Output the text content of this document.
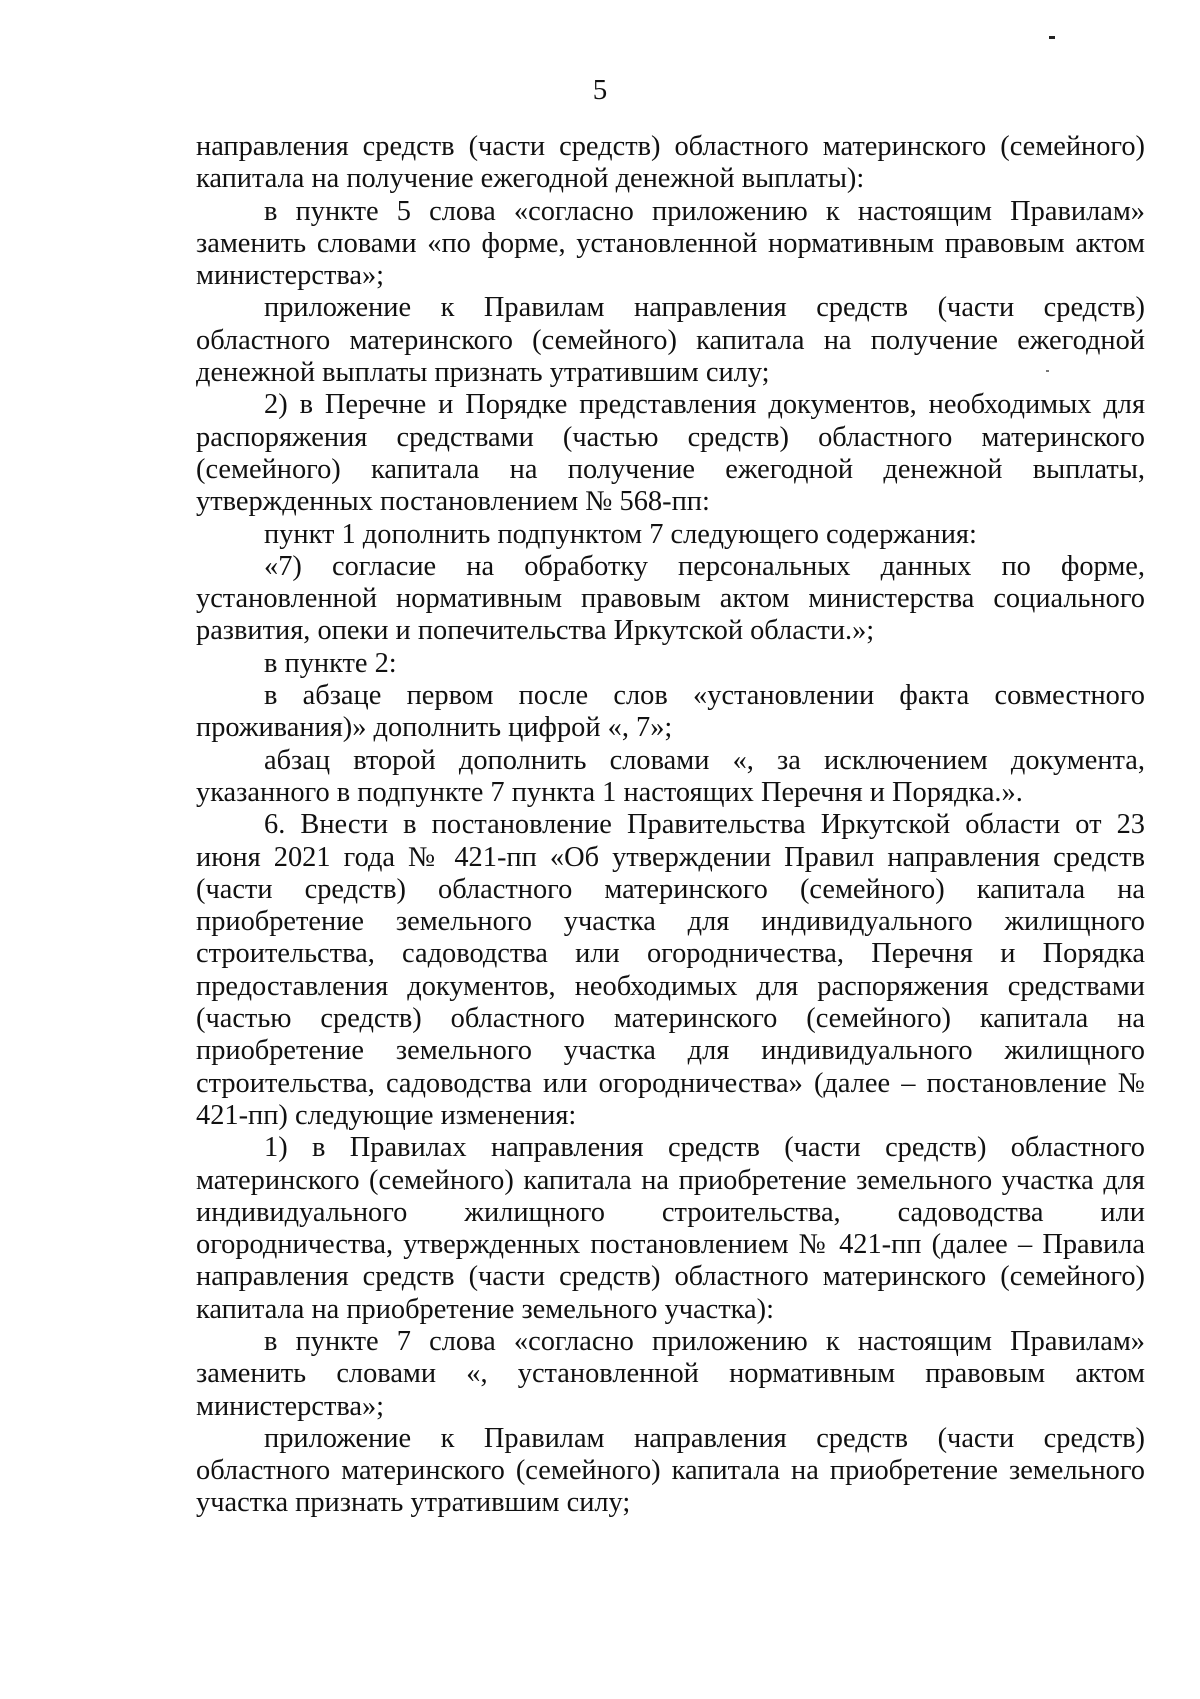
5

направления средств (части средств) областного материнского (семейного) капитала на получение ежегодной денежной выплаты):

в пункте 5 слова «согласно приложению к настоящим Правилам» заменить словами «по форме, установленной нормативным правовым актом министерства»;

приложение к Правилам направления средств (части средств) областного материнского (семейного) капитала на получение ежегодной денежной выплаты признать утратившим силу;

2) в Перечне и Порядке представления документов, необходимых для распоряжения средствами (частью средств) областного материнского (семейного) капитала на получение ежегодной денежной выплаты, утвержденных постановлением № 568-пп:

пункт 1 дополнить подпунктом 7 следующего содержания:

«7) согласие на обработку персональных данных по форме, установленной нормативным правовым актом министерства социального развития, опеки и попечительства Иркутской области.»;

в пункте 2:

в абзаце первом после слов «установлении факта совместного проживания)» дополнить цифрой «, 7»;

абзац второй дополнить словами «, за исключением документа, указанного в подпункте 7 пункта 1 настоящих Перечня и Порядка.».

6. Внести в постановление Правительства Иркутской области от 23 июня 2021 года № 421-пп «Об утверждении Правил направления средств (части средств) областного материнского (семейного) капитала на приобретение земельного участка для индивидуального жилищного строительства, садоводства или огородничества, Перечня и Порядка предоставления документов, необходимых для распоряжения средствами (частью средств) областного материнского (семейного) капитала на приобретение земельного участка для индивидуального жилищного строительства, садоводства или огородничества» (далее – постановление № 421-пп) следующие изменения:

1) в Правилах направления средств (части средств) областного материнского (семейного) капитала на приобретение земельного участка для индивидуального жилищного строительства, садоводства или огородничества, утвержденных постановлением № 421-пп (далее – Правила направления средств (части средств) областного материнского (семейного) капитала на приобретение земельного участка):

в пункте 7 слова «согласно приложению к настоящим Правилам» заменить словами «, установленной нормативным правовым актом министерства»;

приложение к Правилам направления средств (части средств) областного материнского (семейного) капитала на приобретение земельного участка признать утратившим силу;
